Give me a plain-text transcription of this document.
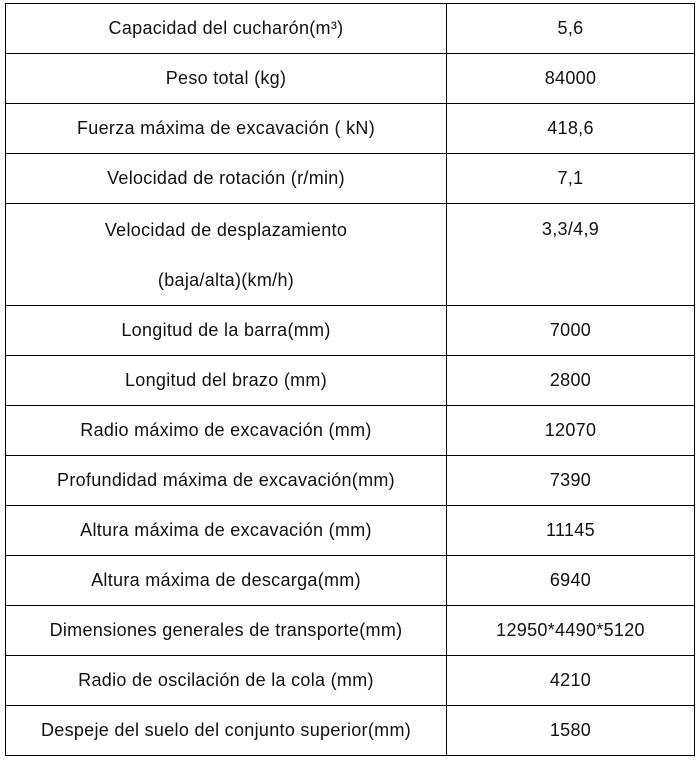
Capacidad del cucharón(m³)	5,6
Peso total (kg)	84000
Fuerza máxima de excavación ( kN)	418,6
Velocidad de rotación (r/min)	7,1

Velocidad de desplazamiento
(baja/alta)(km/h)	3,3/4,9
Longitud de la barra(mm)	7000
Longitud del brazo (mm)	2800
Radio máximo de excavación (mm)	12070
Profundidad máxima de excavación(mm)	7390
Altura máxima de excavación (mm)	11145
Altura máxima de descarga(mm)	6940
Dimensiones generales de transporte(mm)	12950*4490*5120
Radio de oscilación de la cola (mm)	4210
Despeje del suelo del conjunto superior(mm)	1580
